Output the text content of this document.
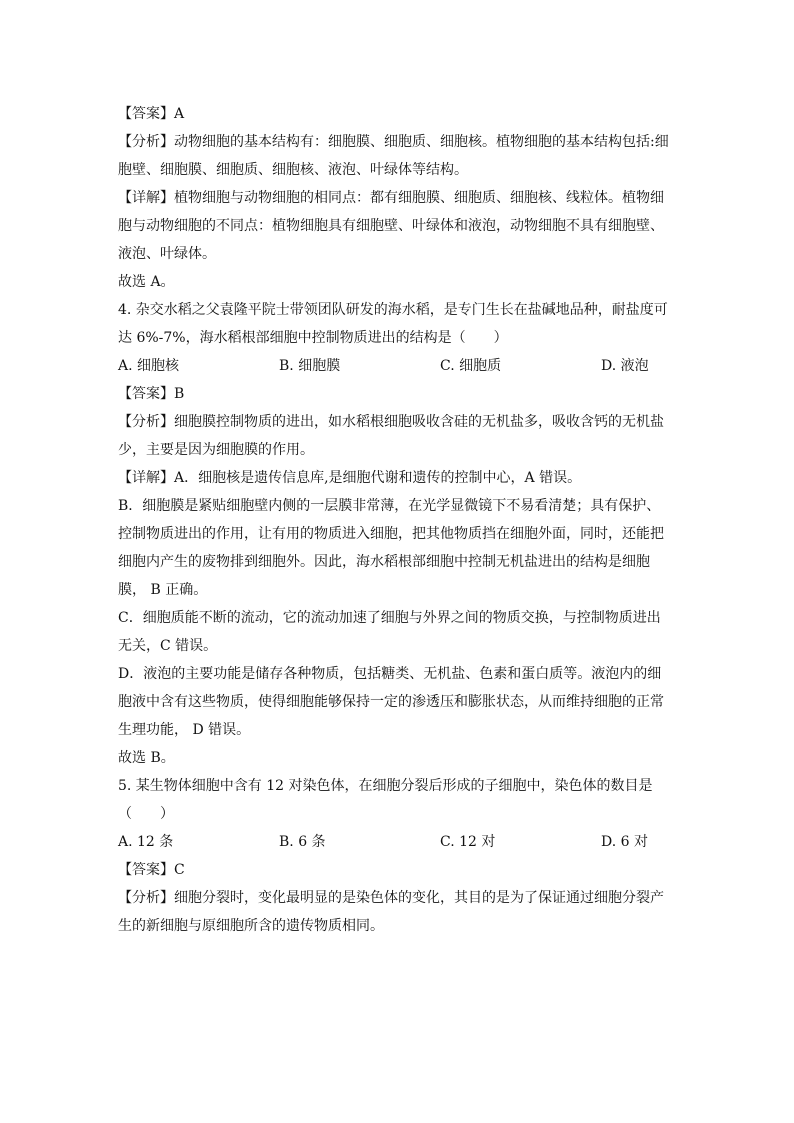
【答案】A

【分析】动物细胞的基本结构有：细胞膜、细胞质、细胞核。植物细胞的基本结构包括:细

胞壁、细胞膜、细胞质、细胞核、液泡、叶绿体等结构。

【详解】植物细胞与动物细胞的相同点：都有细胞膜、细胞质、细胞核、线粒体。植物细

胞与动物细胞的不同点：植物细胞具有细胞壁、叶绿体和液泡，动物细胞不具有细胞壁、

液泡、叶绿体。

故选 A。

4. 杂交水稻之父袁隆平院士带领团队研发的海水稻，是专门生长在盐碱地品种，耐盐度可

达 6%-7%，海水稻根部细胞中控制物质进出的结构是（　　）

A. 细胞核	B. 细胞膜	C. 细胞质	D. 液泡

【答案】B

【分析】细胞膜控制物质的进出，如水稻根细胞吸收含硅的无机盐多，吸收含钙的无机盐

少，主要是因为细胞膜的作用。

【详解】A．细胞核是遗传信息库,是细胞代谢和遗传的控制中心，A 错误。

B．细胞膜是紧贴细胞壁内侧的一层膜非常薄，在光学显微镜下不易看清楚；具有保护、

控制物质进出的作用，让有用的物质进入细胞，把其他物质挡在细胞外面，同时，还能把

细胞内产生的废物排到细胞外。因此，海水稻根部细胞中控制无机盐进出的结构是细胞

膜， B 正确。

C．细胞质能不断的流动，它的流动加速了细胞与外界之间的物质交换，与控制物质进出

无关，C 错误。

D．液泡的主要功能是储存各种物质，包括糖类、无机盐、色素和蛋白质等。液泡内的细

胞液中含有这些物质，使得细胞能够保持一定的渗透压和膨胀状态，从而维持细胞的正常

生理功能， D 错误。

故选 B。

5. 某生物体细胞中含有 12 对染色体，在细胞分裂后形成的子细胞中，染色体的数目是

（　　）

A. 12 条	B. 6 条	C. 12 对	D. 6 对

【答案】C

【分析】细胞分裂时，变化最明显的是染色体的变化，其目的是为了保证通过细胞分裂产

生的新细胞与原细胞所含的遗传物质相同。
